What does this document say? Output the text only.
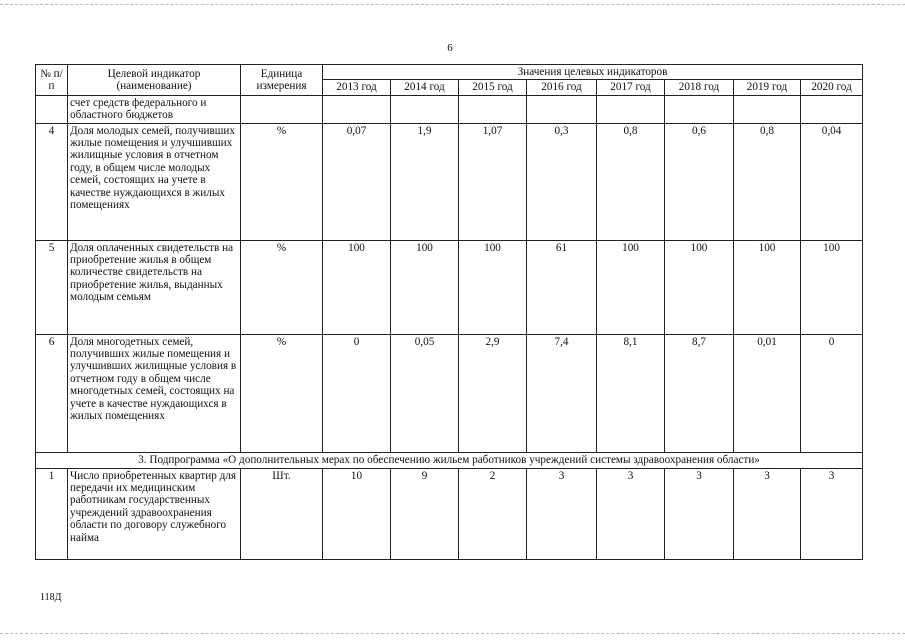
6
№ п/п	Целевой индикатор (наименование)	Единица измерения	Значения целевых индикаторов							
			2013 год	2014 год	2015 год	2016 год	2017 год	2018 год	2019 год	2020 год
	счет средств федерального и областного бюджетов									
4	Доля молодых семей, получивших жилые помещения и улучшивших жилищные условия в отчетном году, в общем числе молодых семей, состоящих на учете в качестве нуждающихся в жилых помещениях	%	0,07	1,9	1,07	0,3	0,8	0,6	0,8	0,04
5	Доля оплаченных свидетельств на приобретение жилья в общем количестве свидетельств на приобретение жилья, выданных молодым семьям	%	100	100	100	61	100	100	100	100
6	Доля многодетных семей, получивших жилые помещения и улучшивших жилищные условия в отчетном году в общем числе многодетных семей, состоящих на учете в качестве нуждающихся в жилых помещениях	%	0	0,05	2,9	7,4	8,1	8,7	0,01	0
3. Подпрограмма «О дополнительных мерах по обеспечению жильем работников учреждений системы здравоохранения области»										
1	Число приобретенных квартир для передачи их медицинским работникам государственных учреждений здравоохранения области по договору служебного найма	Шт.	10	9	2	3	3	3	3	3
118Д
